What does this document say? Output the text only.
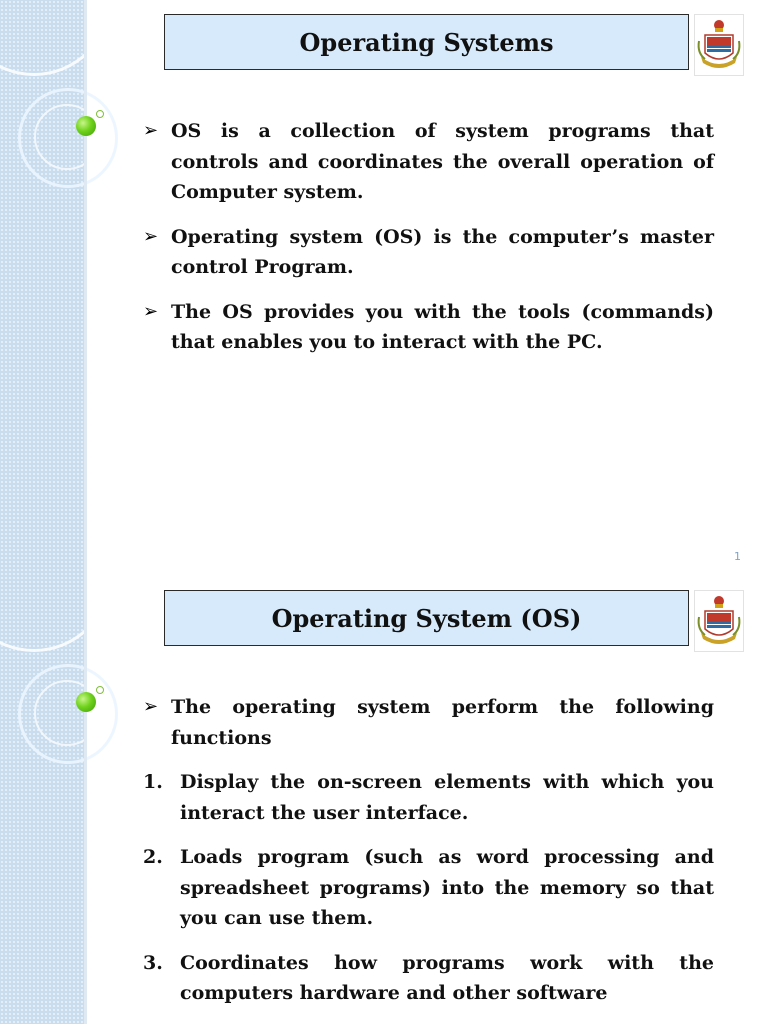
Operating Systems
➢ OS is a collection of system programs that controls and coordinates the overall operation of Computer system.
➢ Operating system (OS) is the computer’s master control Program.
➢ The OS provides you with the tools (commands) that enables you to interact with the PC.
1
Operating System (OS)
➢ The operating system perform the following functions
1. Display the on-screen elements with which you interact the user interface.
2. Loads program (such as word processing and spreadsheet programs) into the memory so that you can use them.
3. Coordinates how programs work with the computers hardware and other software
